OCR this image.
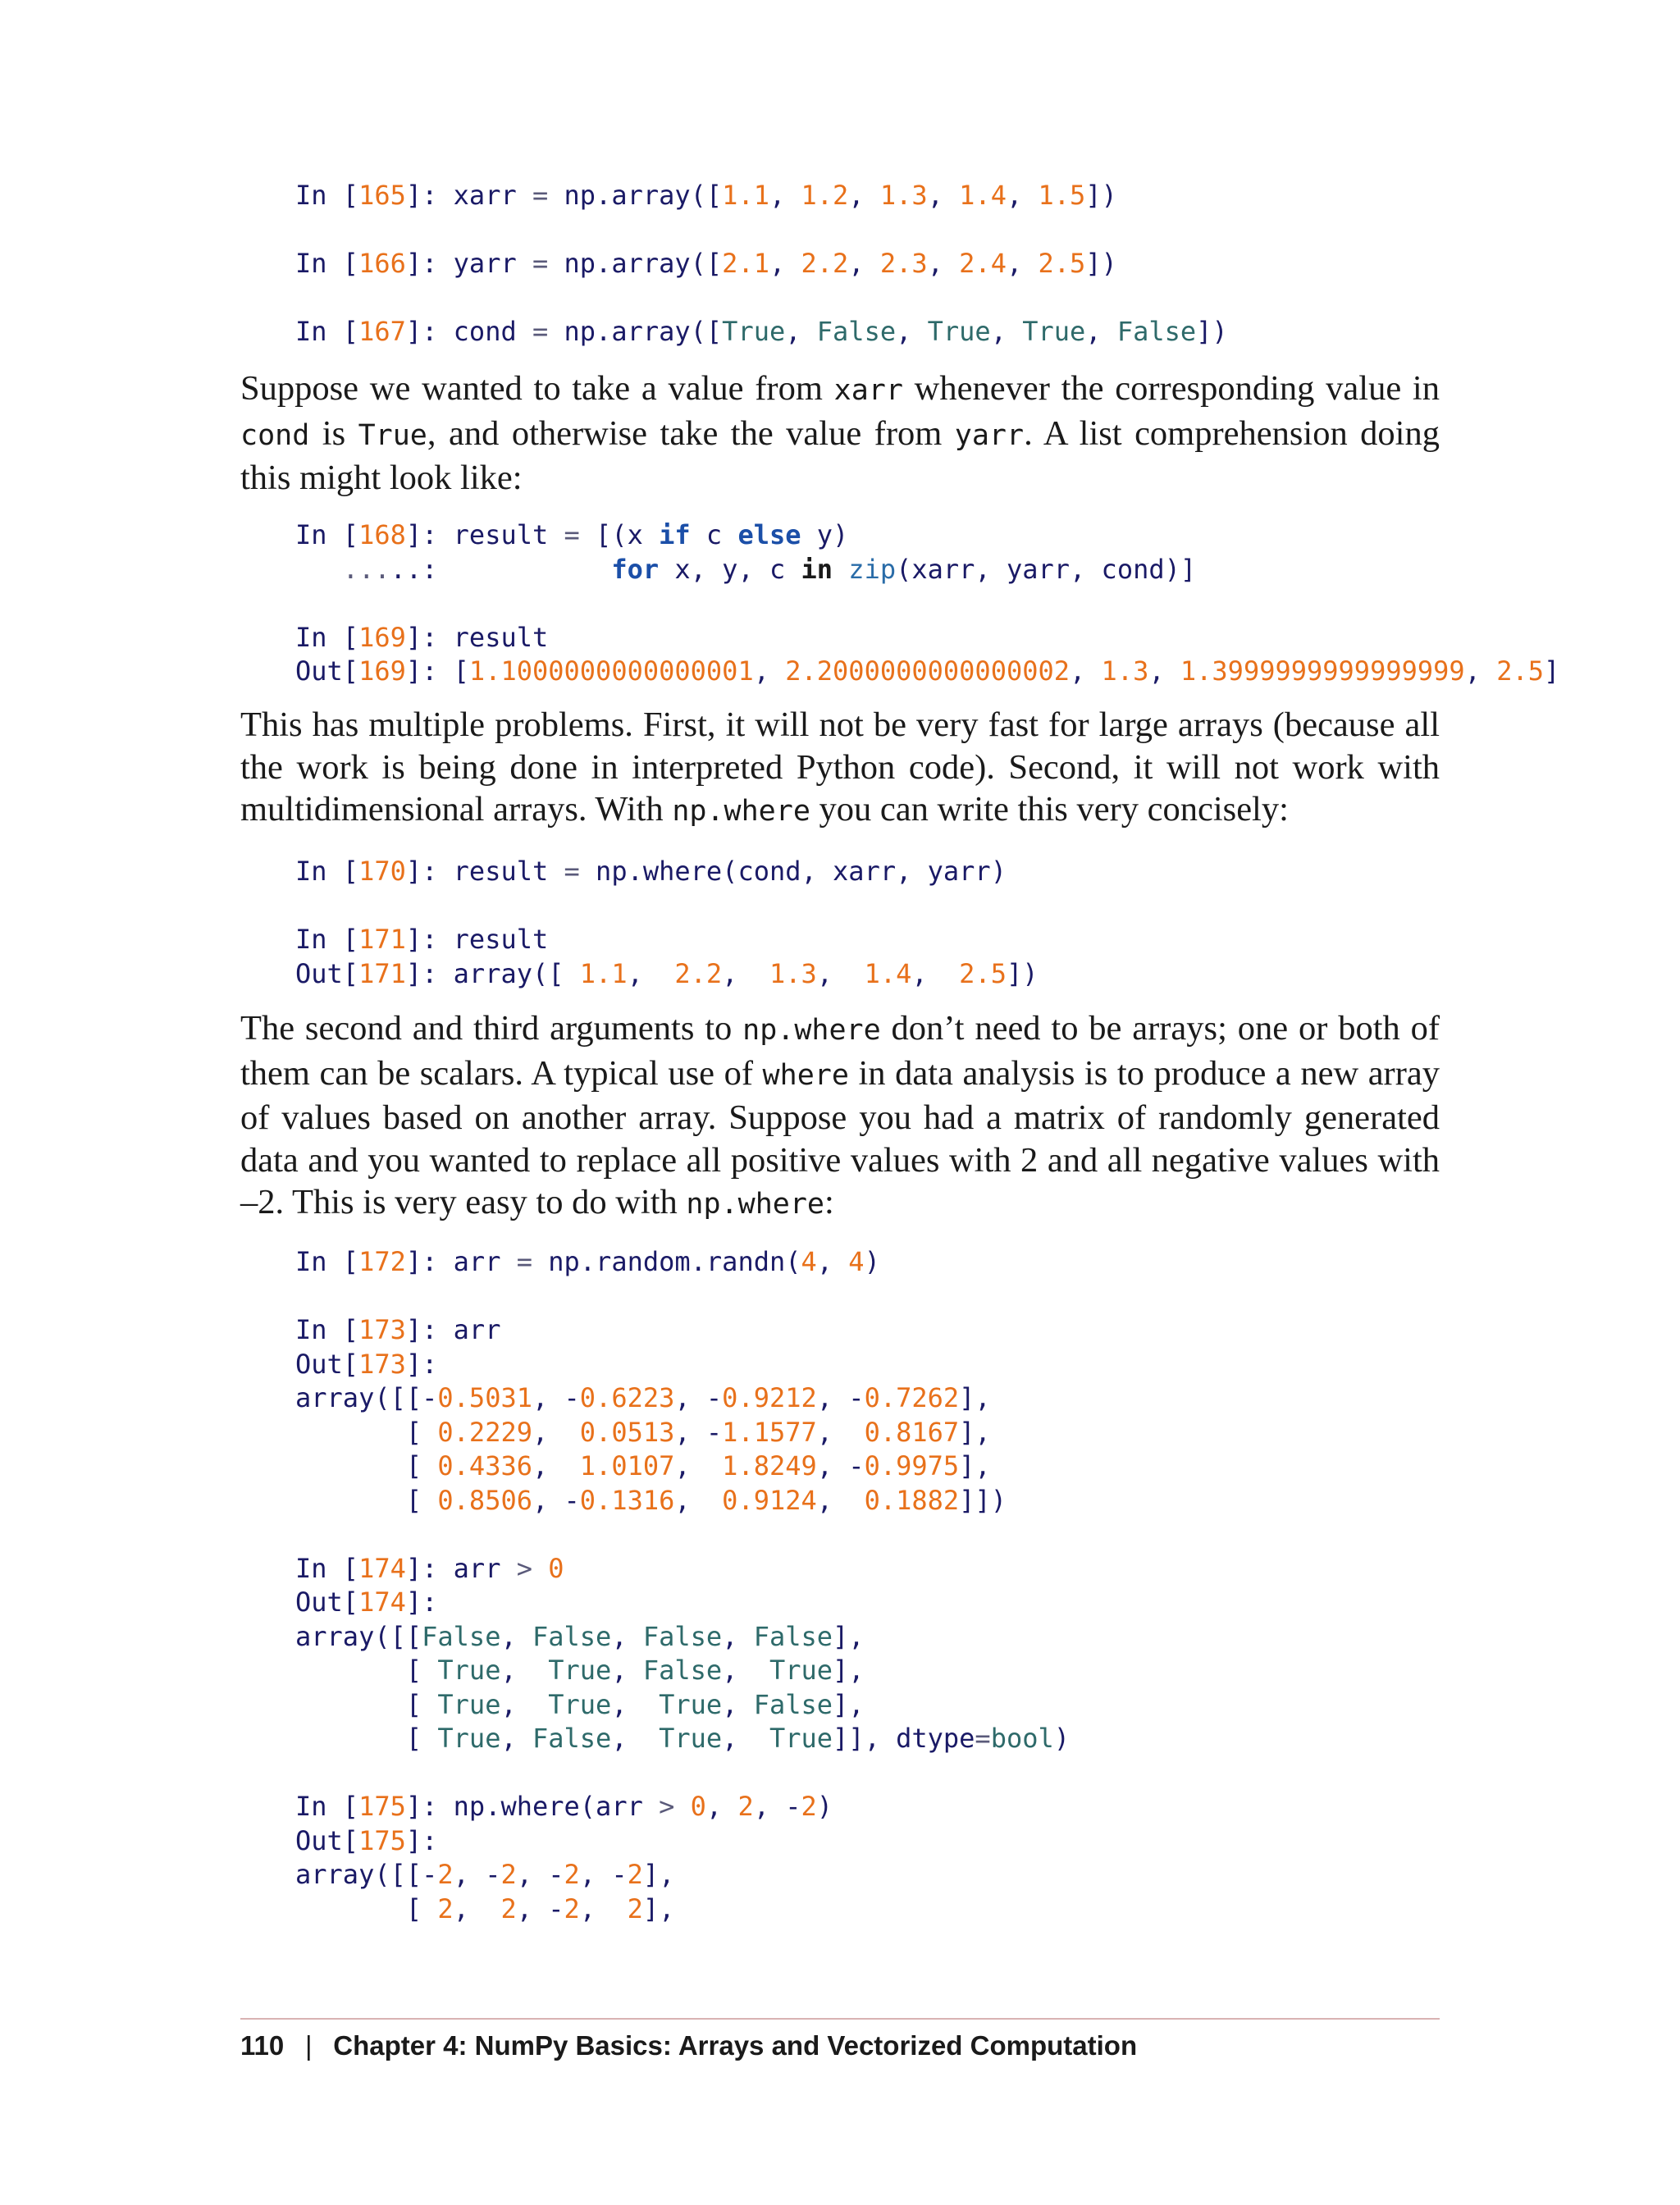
In [165]: xarr = np.array([1.1, 1.2, 1.3, 1.4, 1.5])

In [166]: yarr = np.array([2.1, 2.2, 2.3, 2.4, 2.5])

In [167]: cond = np.array([True, False, True, True, False])

Suppose we wanted to take a value from xarr whenever the corresponding value in cond is True, and otherwise take the value from yarr. A list comprehension doing this might look like:

In [168]: result = [(x if c else y)
.....:           for x, y, c in zip(xarr, yarr, cond)]

In [169]: result
Out[169]: [1.1000000000000001, 2.2000000000000002, 1.3, 1.3999999999999999, 2.5]

This has multiple problems. First, it will not be very fast for large arrays (because all the work is being done in interpreted Python code). Second, it will not work with multidimensional arrays. With np.where you can write this very concisely:

In [170]: result = np.where(cond, xarr, yarr)

In [171]: result
Out[171]: array([ 1.1,  2.2,  1.3,  1.4,  2.5])

The second and third arguments to np.where don’t need to be arrays; one or both of them can be scalars. A typical use of where in data analysis is to produce a new array of values based on another array. Suppose you had a matrix of randomly generated data and you wanted to replace all positive values with 2 and all negative values with –2. This is very easy to do with np.where:

In [172]: arr = np.random.randn(4, 4)

In [173]: arr
Out[173]:
array([[-0.5031, -0.6223, -0.9212, -0.7262],
[ 0.2229,  0.0513, -1.1577,  0.8167],
[ 0.4336,  1.0107,  1.8249, -0.9975],
[ 0.8506, -0.1316,  0.9124,  0.1882]])

In [174]: arr > 0
Out[174]:
array([[False, False, False, False],
[ True,  True, False,  True],
[ True,  True,  True, False],
[ True, False,  True,  True]], dtype=bool)

In [175]: np.where(arr > 0, 2, -2)
Out[175]:
array([[-2, -2, -2, -2],
[ 2,  2, -2,  2],
110 | Chapter 4: NumPy Basics: Arrays and Vectorized Computation
